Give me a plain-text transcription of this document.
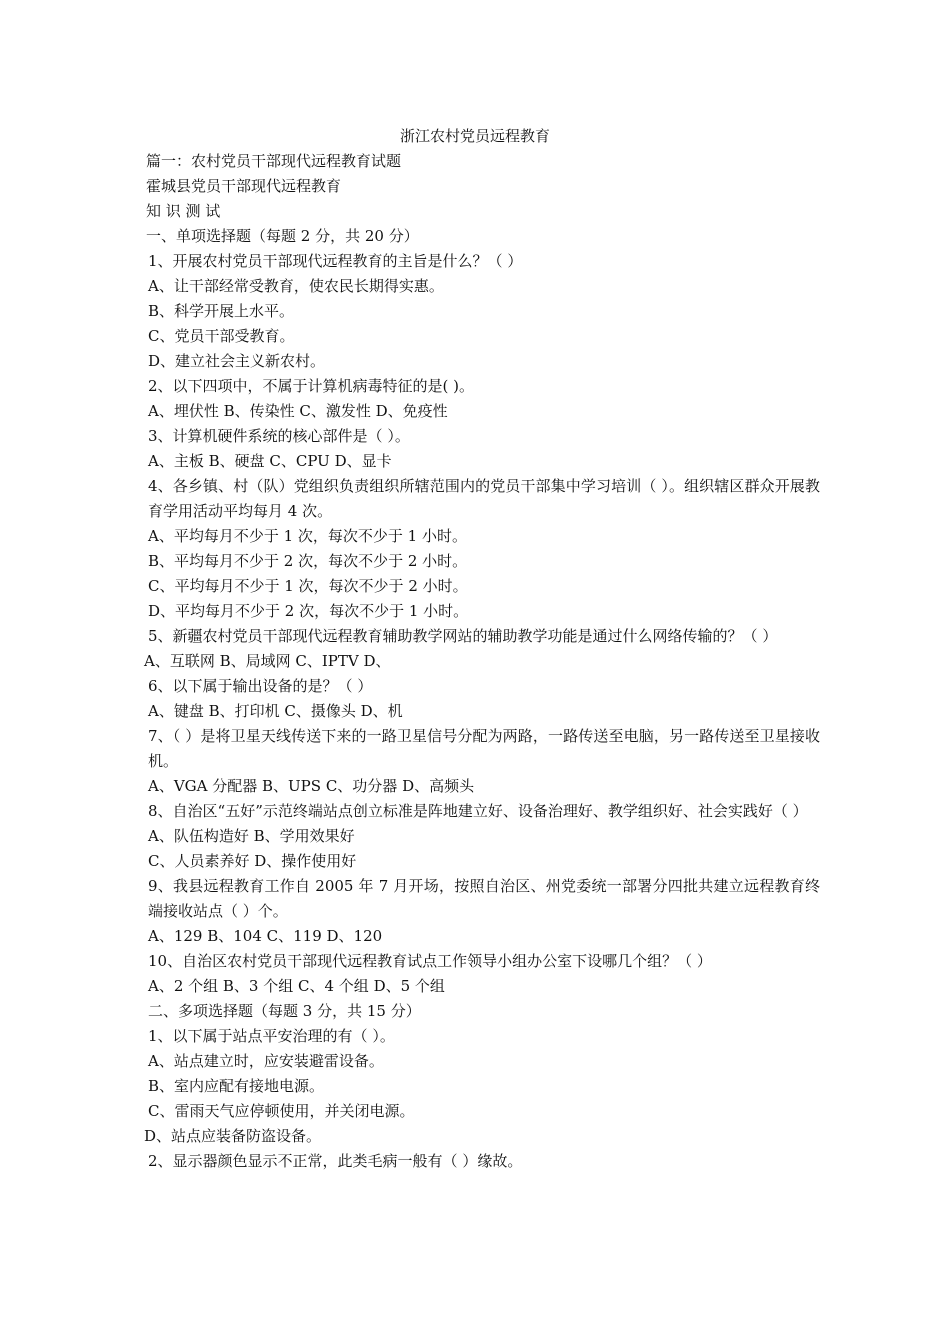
浙江农村党员远程教育

篇一：农村党员干部现代远程教育试题

霍城县党员干部现代远程教育

知 识 测 试

一、单项选择题（每题 2 分，共 20 分）

1、开展农村党员干部现代远程教育的主旨是什么？（ ）

A、让干部经常受教育，使农民长期得实惠。

B、科学开展上水平。

C、党员干部受教育。

D、建立社会主义新农村。

2、以下四项中，不属于计算机病毒特征的是( )。

A、埋伏性 B、传染性 C、激发性 D、免疫性

3、计算机硬件系统的核心部件是（ ）。

A、主板 B、硬盘 C、CPU D、显卡

4、各乡镇、村（队）党组织负责组织所辖范围内的党员干部集中学习培训（ ）。组织辖区群众开展教育学用活动平均每月 4 次。

A、平均每月不少于 1 次，每次不少于 1 小时。

B、平均每月不少于 2 次，每次不少于 2 小时。

C、平均每月不少于 1 次，每次不少于 2 小时。

D、平均每月不少于 2 次，每次不少于 1 小时。

5、新疆农村党员干部现代远程教育辅助教学网站的辅助教学功能是通过什么网络传输的？（ ）

A、互联网 B、局域网 C、IPTV D、

6、以下属于输出设备的是？（ ）

A、键盘 B、打印机 C、摄像头 D、机

7、（ ）是将卫星天线传送下来的一路卫星信号分配为两路，一路传送至电脑，另一路传送至卫星接收机。

A、VGA 分配器 B、UPS C、功分器 D、高频头

8、自治区“五好”示范终端站点创立标准是阵地建立好、设备治理好、教学组织好、社会实践好（ ）

A、队伍构造好 B、学用效果好

C、人员素养好 D、操作使用好

9、我县远程教育工作自 2005 年 7 月开场，按照自治区、州党委统一部署分四批共建立远程教育终端接收站点（ ）个。

A、129 B、104 C、119 D、120

10、自治区农村党员干部现代远程教育试点工作领导小组办公室下设哪几个组？（ ）

A、2 个组 B、3 个组 C、4 个组 D、5 个组

二、多项选择题（每题 3 分，共 15 分）

1、以下属于站点平安治理的有（ ）。

A、站点建立时，应安装避雷设备。

B、室内应配有接地电源。

C、雷雨天气应停顿使用，并关闭电源。

D、站点应装备防盗设备。

2、显示器颜色显示不正常，此类毛病一般有（ ）缘故。
